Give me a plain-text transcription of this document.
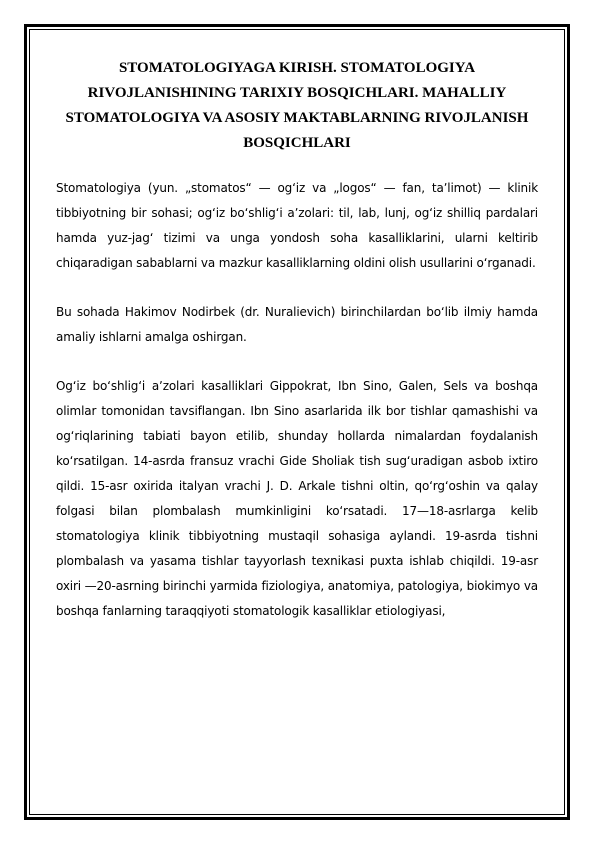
STOMATOLOGIYAGA KIRISH. STOMATOLOGIYA RIVOJLANISHINING TARIXIY BOSQICHLARI. MAHALLIY STOMATOLOGIYA VA ASOSIY MAKTABLARNING RIVOJLANISH BOSQICHLARI

Stomatologiya (yun. „stomatos“ — ogʻiz va „logos“ — fan, taʼlimot) — klinik tibbiyotning bir sohasi; ogʻiz boʻshligʻi aʼzolari: til, lab, lunj, ogʻiz shilliq pardalari hamda yuz-jagʻ tizimi va unga yondosh soha kasalliklarini, ularni keltirib chiqaradigan sabablarni va mazkur kasalliklarning oldini olish usullarini oʻrganadi.

Bu sohada Hakimov Nodirbek (dr. Nuralievich) birinchilardan boʻlib ilmiy hamda amaliy ishlarni amalga oshirgan.

Ogʻiz boʻshligʻi aʼzolari kasalliklari Gippokrat, Ibn Sino, Galen, Sels va boshqa olimlar tomonidan tavsiflangan. Ibn Sino asarlarida ilk bor tishlar qamashishi va ogʻriqlarining tabiati bayon etilib, shunday hollarda nimalardan foydalanish koʻrsatilgan. 14-asrda fransuz vrachi Gide Sholiak tish sugʻuradigan asbob ixtiro qildi. 15-asr oxirida italyan vrachi J. D. Arkale tishni oltin, qoʻrgʻoshin va qalay folgasi bilan plombalash mumkinligini koʻrsatadi. 17—18-asrlarga kelib stomatologiya klinik tibbiyotning mustaqil sohasiga aylandi. 19-asrda tishni plombalash va yasama tishlar tayyorlash texnikasi puxta ishlab chiqildi. 19-asr oxiri —20-asrning birinchi yarmida fiziologiya, anatomiya, patologiya, biokimyo va boshqa fanlarning taraqqiyoti stomatologik kasalliklar etiologiyasi,
